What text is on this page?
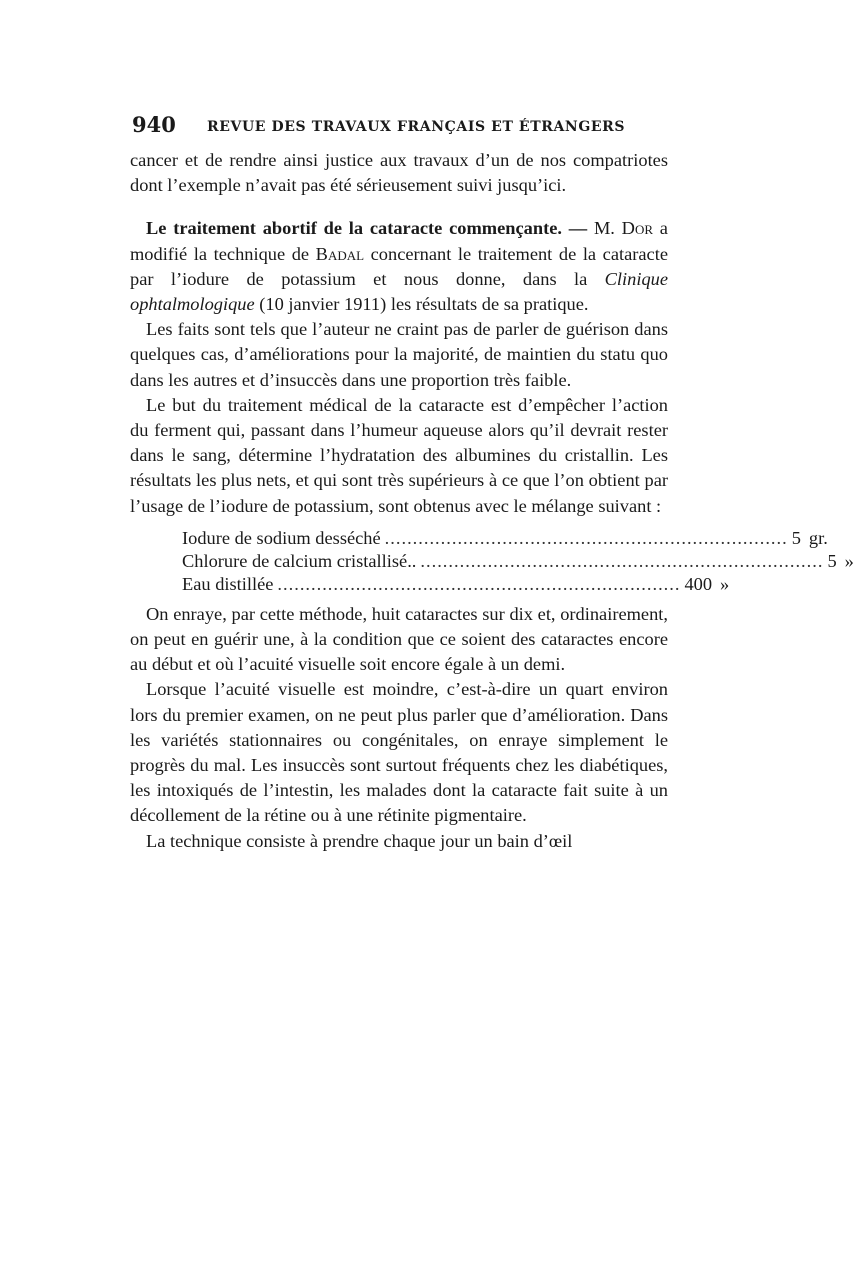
940 REVUE DES TRAVAUX FRANÇAIS ET ÉTRANGERS

cancer et de rendre ainsi justice aux travaux d’un de nos compatriotes dont l’exemple n’avait pas été sérieusement suivi jusqu’ici.

Le traitement abortif de la cataracte commençante. — M. Dor a modifié la technique de Badal concernant le traitement de la cataracte par l’iodure de potassium et nous donne, dans la Clinique ophtalmologique (10 janvier 1911) les résultats de sa pratique.

Les faits sont tels que l’auteur ne craint pas de parler de guérison dans quelques cas, d’améliorations pour la majorité, de maintien du statu quo dans les autres et d’insuccès dans une proportion très faible.

Le but du traitement médical de la cataracte est d’empêcher l’action du ferment qui, passant dans l’humeur aqueuse alors qu’il devrait rester dans le sang, détermine l’hydratation des albumines du cristallin. Les résultats les plus nets, et qui sont très supérieurs à ce que l’on obtient par l’usage de l’iodure de potassium, sont obtenus avec le mélange suivant :

Iodure de sodium desséché ........................................................................ 5 gr.
Chlorure de calcium cristallisé.. ........................................................................ 5 »
Eau distillée ........................................................................ 400 »

On enraye, par cette méthode, huit cataractes sur dix et, ordinairement, on peut en guérir une, à la condition que ce soient des cataractes encore au début et où l’acuité visuelle soit encore égale à un demi.

Lorsque l’acuité visuelle est moindre, c’est-à-dire un quart environ lors du premier examen, on ne peut plus parler que d’amélioration. Dans les variétés stationnaires ou congénitales, on enraye simplement le progrès du mal. Les insuccès sont surtout fréquents chez les diabétiques, les intoxiqués de l’intestin, les malades dont la cataracte fait suite à un décollement de la rétine ou à une rétinite pigmentaire.

La technique consiste à prendre chaque jour un bain d’œil
